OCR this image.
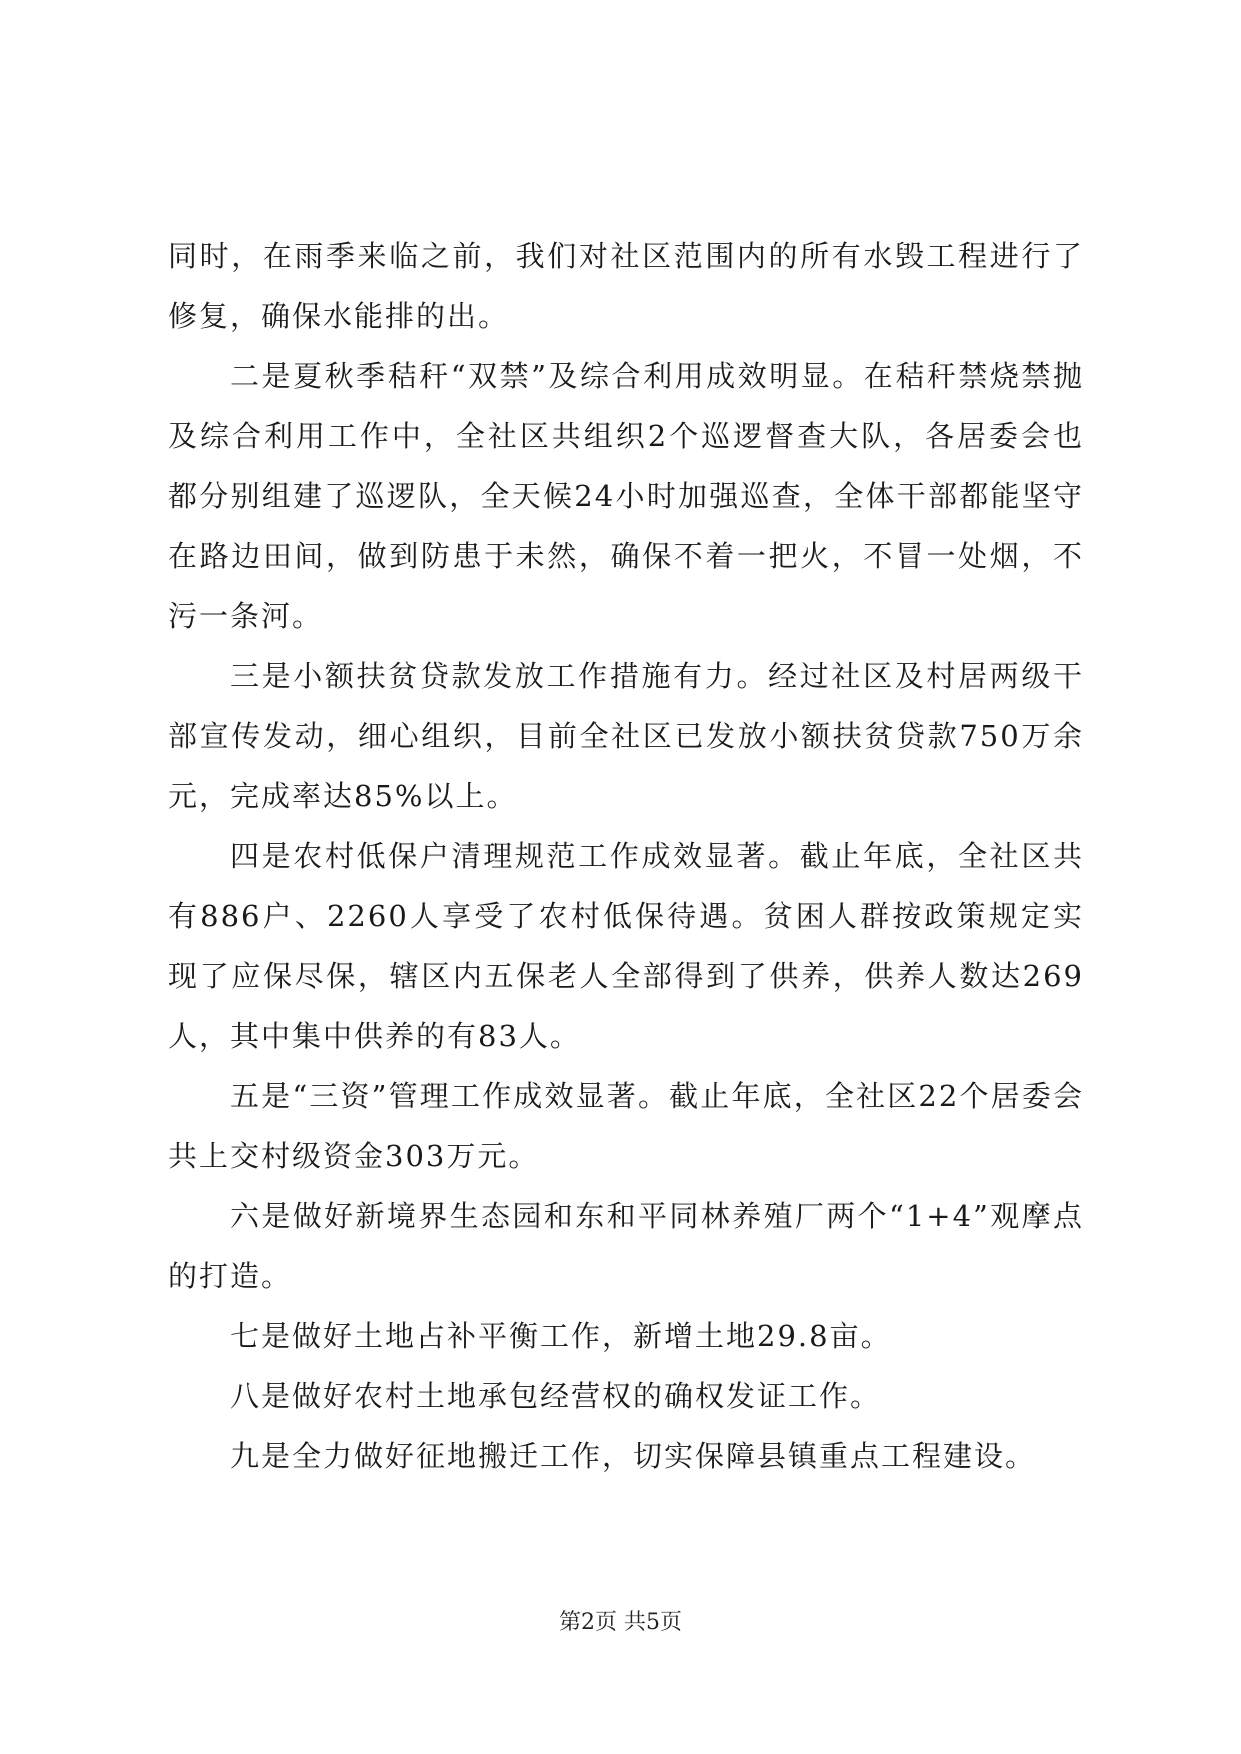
同时，在雨季来临之前，我们对社区范围内的所有水毁工程进行了修复，确保水能排的出。

二是夏秋季秸秆“双禁”及综合利用成效明显。在秸秆禁烧禁抛及综合利用工作中，全社区共组织2个巡逻督查大队，各居委会也都分别组建了巡逻队，全天候24小时加强巡查，全体干部都能坚守在路边田间，做到防患于未然，确保不着一把火，不冒一处烟，不污一条河。

三是小额扶贫贷款发放工作措施有力。经过社区及村居两级干部宣传发动，细心组织，目前全社区已发放小额扶贫贷款750万余元，完成率达85%以上。

四是农村低保户清理规范工作成效显著。截止年底，全社区共有886户、2260人享受了农村低保待遇。贫困人群按政策规定实现了应保尽保，辖区内五保老人全部得到了供养，供养人数达269人，其中集中供养的有83人。

五是“三资”管理工作成效显著。截止年底，全社区22个居委会共上交村级资金303万元。

六是做好新境界生态园和东和平同林养殖厂两个“1+4”观摩点的打造。

七是做好土地占补平衡工作，新增土地29.8亩。

八是做好农村土地承包经营权的确权发证工作。

九是全力做好征地搬迁工作，切实保障县镇重点工程建设。

第2页 共5页
